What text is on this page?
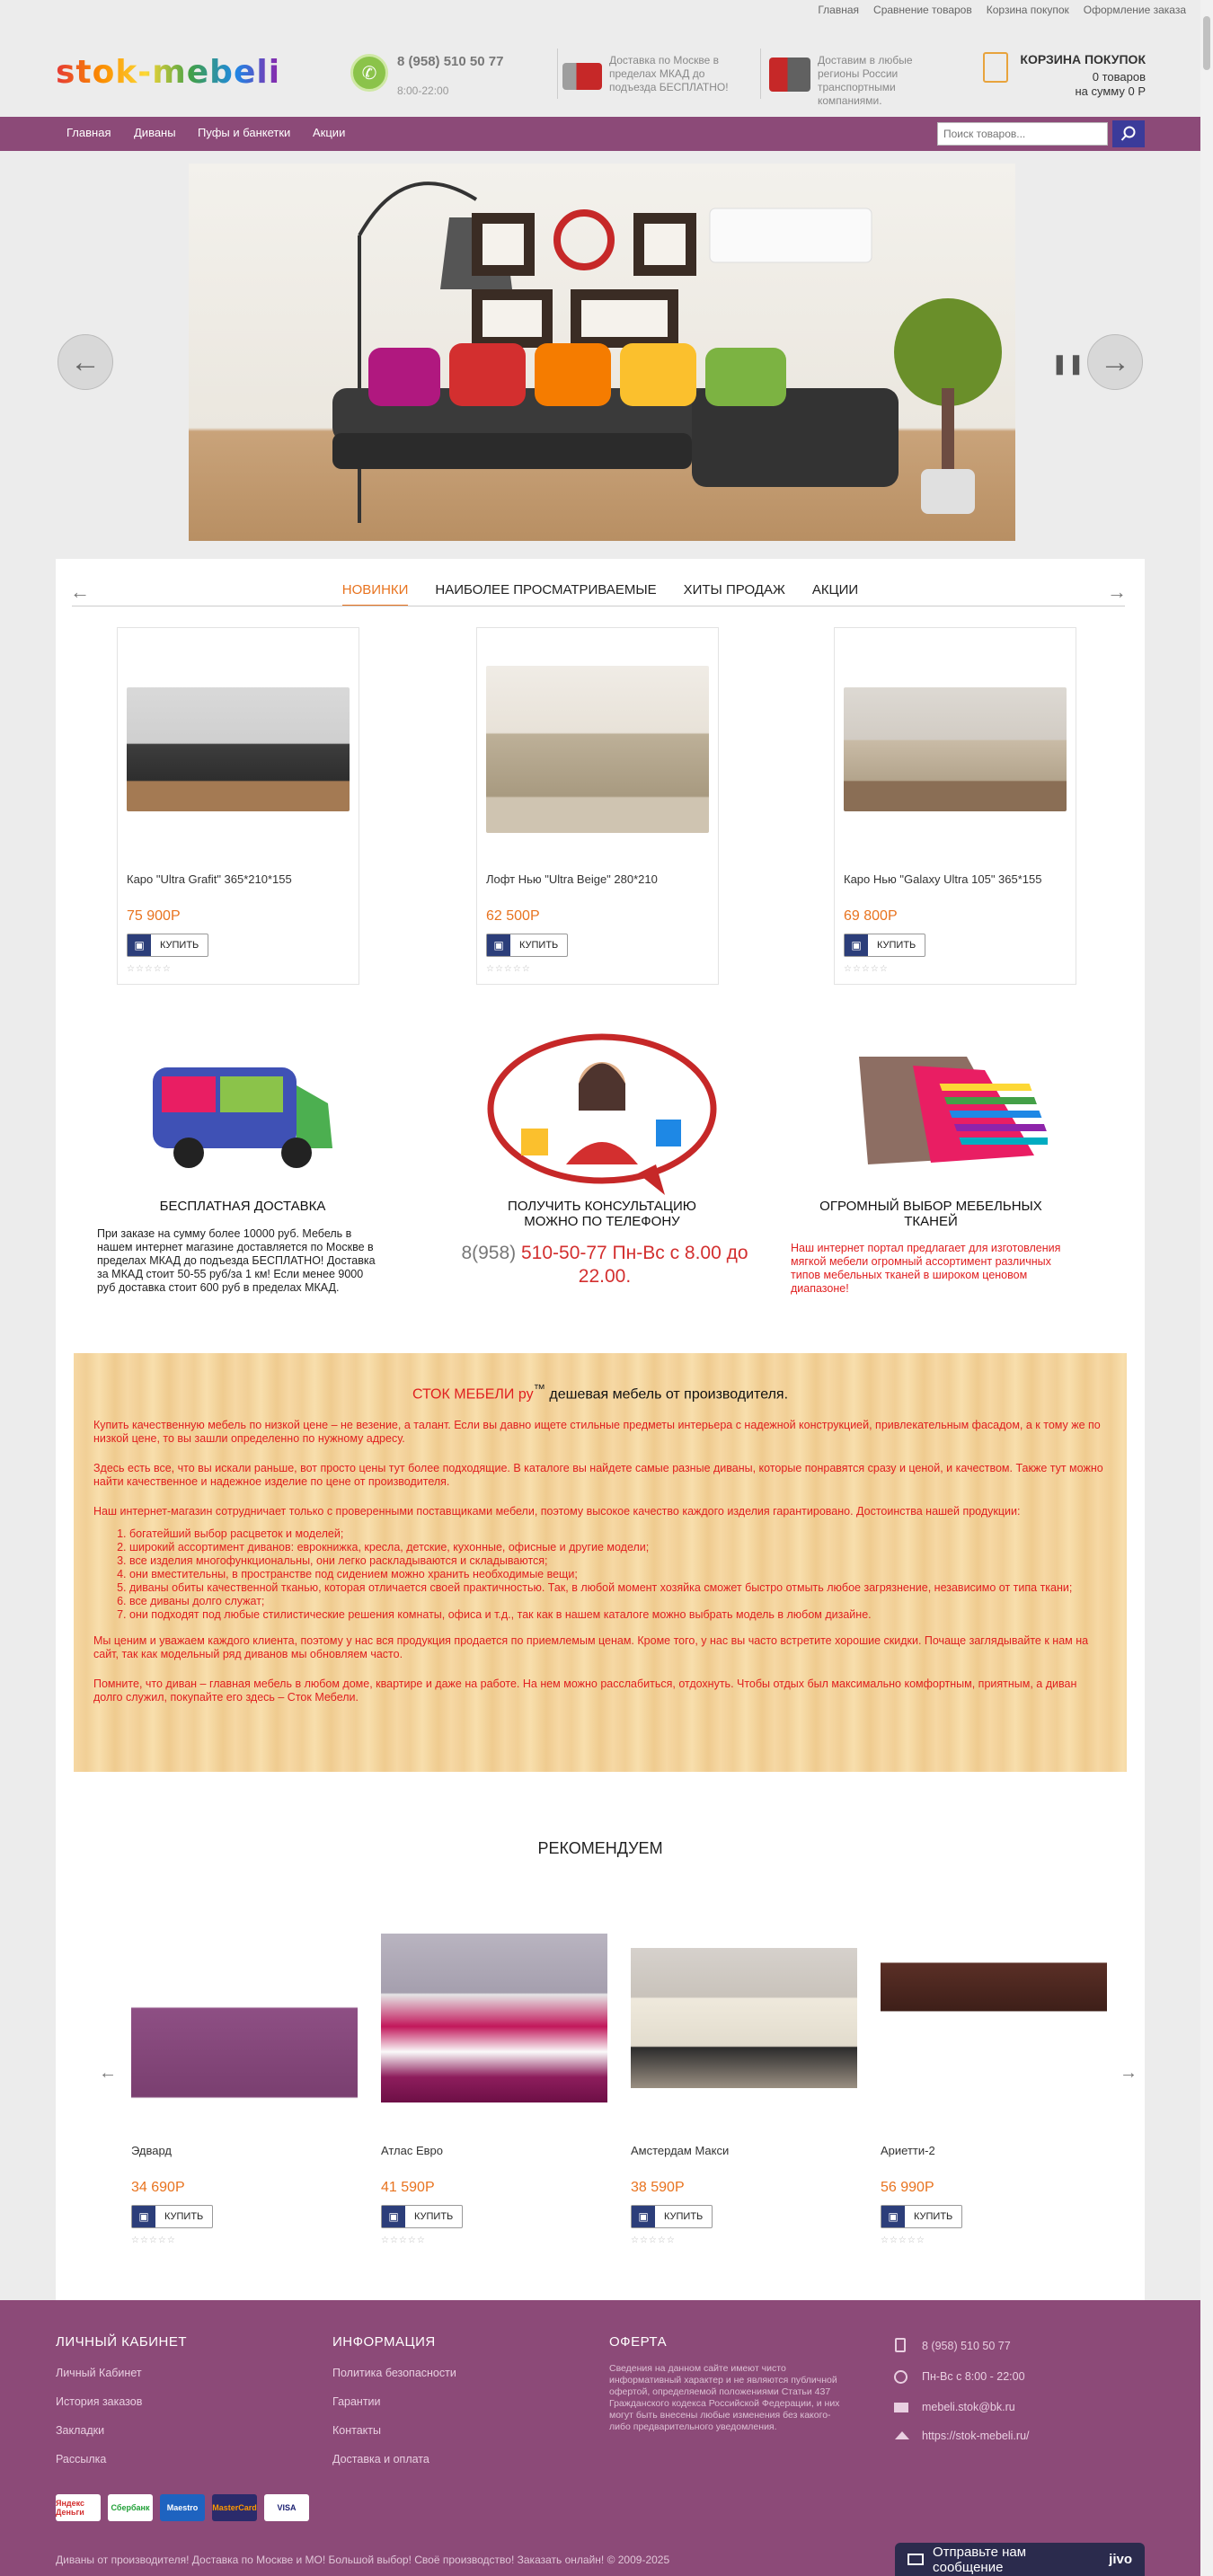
Главная Сравнение товаров Корзина покупок Оформление заказа
stok-mebeli	✆
8 (958) 510 50 77
8:00-22:00
Доставка по Москве в пределах МКАД до подъезда БЕСПЛАТНО!
Доставим в любые регионы России транспортными компаниями.
КОРЗИНА ПОКУПОК
0 товаров
на сумму 0 Р
Главная Диваны Пуфы и банкетки Акции
Поиск товаров...
←	❚❚ →
←	НОВИНКИ НАИБОЛЕЕ ПРОСМАТРИВАЕМЫЕ ХИТЫ ПРОДАЖ АКЦИИ	→
Каро "Ultra Grafit" 365*210*155
75 900Р
▣	КУПИТЬ
☆☆☆☆☆
Лофт Нью "Ultra Beige" 280*210
62 500Р
▣	КУПИТЬ
☆☆☆☆☆
Каро Нью "Galaxy Ultra 105" 365*155
69 800Р
▣	КУПИТЬ
☆☆☆☆☆
БЕСПЛАТНАЯ ДОСТАВКА
При заказе на сумму более 10000 руб. Мебель в нашем интернет магазине доставляется по Москве в пределах МКАД до подъезда БЕСПЛАТНО! Доставка за МКАД стоит 50-55 руб/за 1 км! Если менее 9000 руб доставка стоит 600 руб в пределах МКАД.
ПОЛУЧИТЬ КОНСУЛЬТАЦИЮ МОЖНО ПО ТЕЛЕФОНУ
8(958) 510-50-77 Пн-Вс с 8.00 до 22.00.
ОГРОМНЫЙ ВЫБОР МЕБЕЛЬНЫХ ТКАНЕЙ
Наш интернет портал предлагает для изготовления мягкой мебели огромный ассортимент различных типов мебельных тканей в широком ценовом диапазоне!
СТОК МЕБЕЛИ ру™ дешевая мебель от производителя.

Купить качественную мебель по низкой цене – не везение, а талант. Если вы давно ищете стильные предметы интерьера с надежной конструкцией, привлекательным фасадом, а к тому же по низкой цене, то вы зашли определенно по нужному адресу.

Здесь есть все, что вы искали раньше, вот просто цены тут более подходящие. В каталоге вы найдете самые разные диваны, которые понравятся сразу и ценой, и качеством. Также тут можно найти качественное и надежное изделие по цене от производителя.

Наш интернет-магазин сотрудничает только с проверенными поставщиками мебели, поэтому высокое качество каждого изделия гарантировано. Достоинства нашей продукции:

1. богатейший выбор расцветок и моделей;
2. широкий ассортимент диванов: еврокнижка, кресла, детские, кухонные, офисные и другие модели;
3. все изделия многофункциональны, они легко раскладываются и складываются;
4. они вместительны, в пространстве под сидением можно хранить необходимые вещи;
5. диваны обиты качественной тканью, которая отличается своей практичностью. Так, в любой момент хозяйка сможет быстро отмыть любое загрязнение, независимо от типа ткани;
6. все диваны долго служат;
7. они подходят под любые стилистические решения комнаты, офиса и т.д., так как в нашем каталоге можно выбрать модель в любом дизайне.

Мы ценим и уважаем каждого клиента, поэтому у нас вся продукция продается по приемлемым ценам. Кроме того, у нас вы часто встретите хорошие скидки. Почаще заглядывайте к нам на сайт, так как модельный ряд диванов мы обновляем часто.

Помните, что диван – главная мебель в любом доме, квартире и даже на работе. На нем можно расслабиться, отдохнуть. Чтобы отдых был максимально комфортным, приятным, а диван долго служил, покупайте его здесь – Сток Мебели.

РЕКОМЕНДУЕМ
←	→
Эдвард
34 690Р
▣	КУПИТЬ
☆☆☆☆☆
Атлас Евро
41 590Р
▣	КУПИТЬ
☆☆☆☆☆
Амстердам Макси
38 590Р
▣	КУПИТЬ
☆☆☆☆☆
Ариетти-2
56 990Р
▣	КУПИТЬ
☆☆☆☆☆
ЛИЧНЫЙ КАБИНЕТ
Личный Кабинет
История заказов
Закладки
Рассылка
ИНФОРМАЦИЯ
Политика безопасности
Гарантии
Контакты
Доставка и оплата
ОФЕРТА
Сведения на данном сайте имеют чисто информативный характер и не являются публичной офертой, определяемой положениями Статьи 437 Гражданского кодекса Российской Федерации, и них могут быть внесены любые изменения без какого-либо предварительного уведомления.
8 (958) 510 50 77
Пн-Вс с 8:00 - 22:00
mebeli.stok@bk.ru
https://stok-mebeli.ru/
Яндекс Деньги	Сбербанк	Maestro	MasterCard	VISA
Диваны от производителя! Доставка по Москве и МО! Большой выбор! Своё производство! Заказать онлайн! © 2009-2025
Отправьте нам сообщение	jivo
